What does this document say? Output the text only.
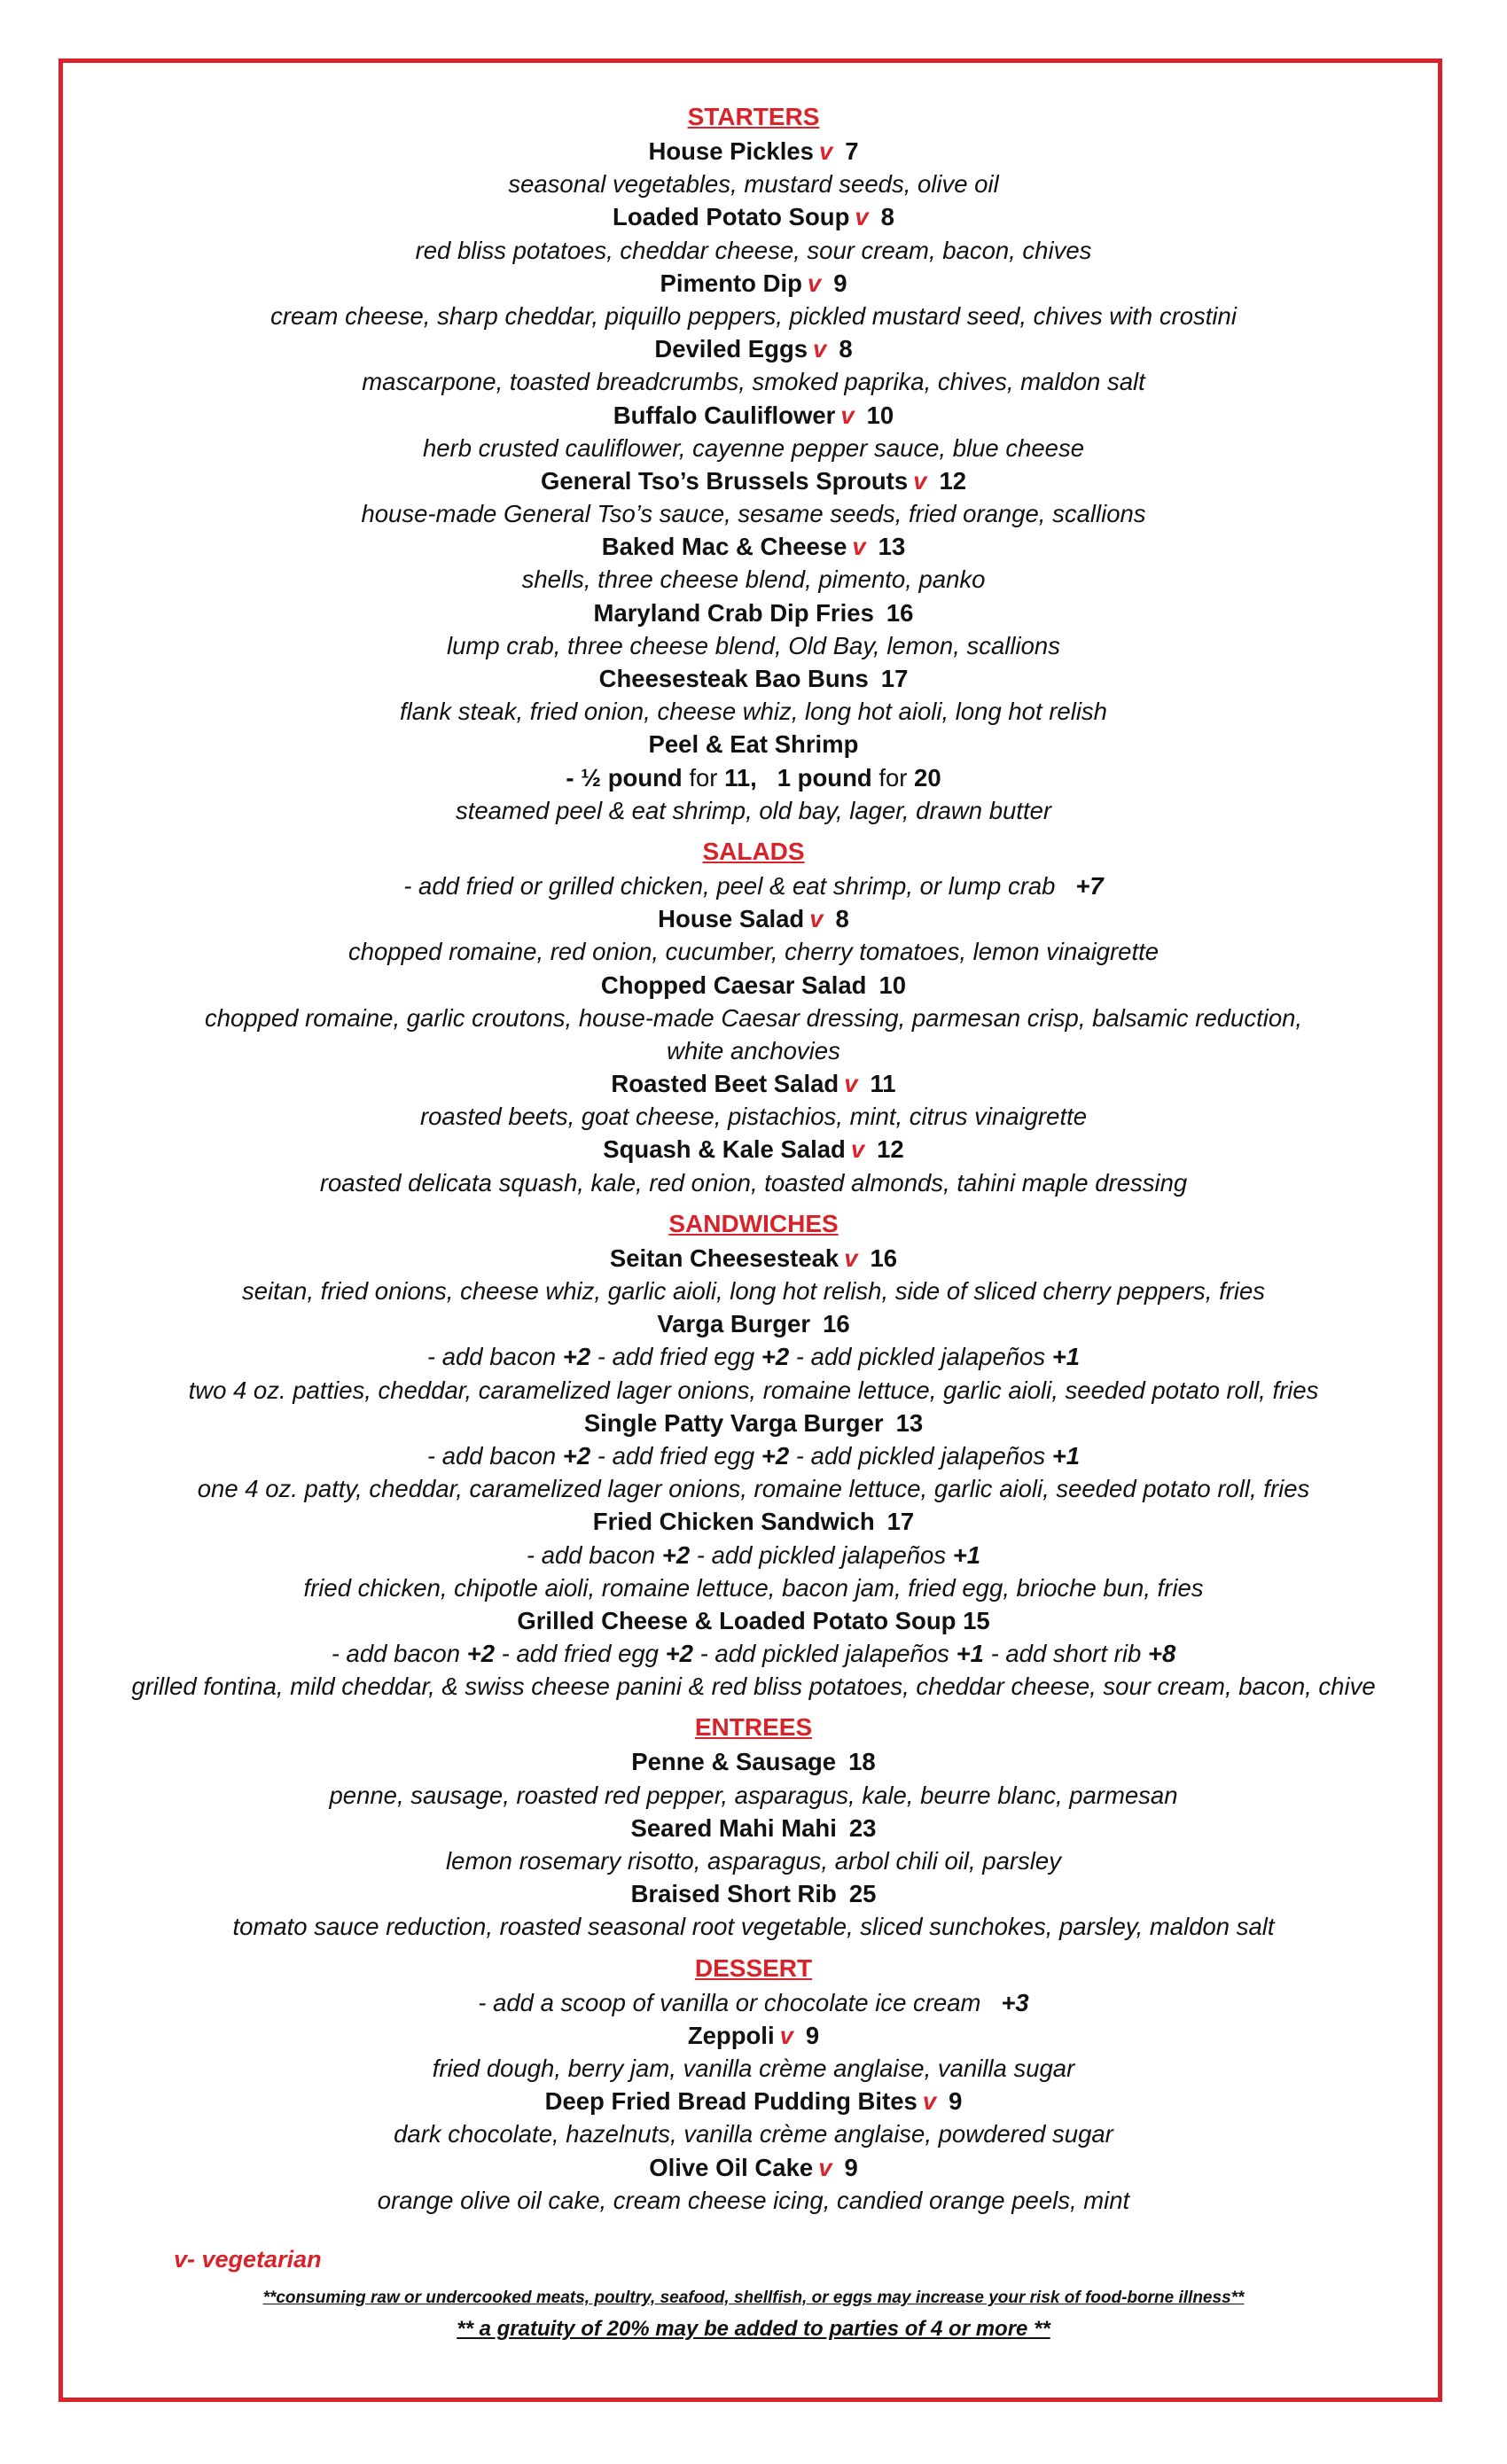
STARTERS
House Pickles v 7
seasonal vegetables, mustard seeds, olive oil
Loaded Potato Soup v 8
red bliss potatoes, cheddar cheese, sour cream, bacon, chives
Pimento Dip v 9
cream cheese, sharp cheddar, piquillo peppers, pickled mustard seed, chives with crostini
Deviled Eggs v 8
mascarpone, toasted breadcrumbs, smoked paprika, chives, maldon salt
Buffalo Cauliflower v 10
herb crusted cauliflower, cayenne pepper sauce, blue cheese
General Tso’s Brussels Sprouts v 12
house-made General Tso’s sauce, sesame seeds, fried orange, scallions
Baked Mac & Cheese v 13
shells, three cheese blend, pimento, panko
Maryland Crab Dip Fries 16
lump crab, three cheese blend, Old Bay, lemon, scallions
Cheesesteak Bao Buns 17
flank steak, fried onion, cheese whiz, long hot aioli, long hot relish
Peel & Eat Shrimp
- ½ pound for 11, 1 pound for 20
steamed peel & eat shrimp, old bay, lager, drawn butter
SALADS
- add fried or grilled chicken, peel & eat shrimp, or lump crab +7
House Salad v 8
chopped romaine, red onion, cucumber, cherry tomatoes, lemon vinaigrette
Chopped Caesar Salad 10
chopped romaine, garlic croutons, house-made Caesar dressing, parmesan crisp, balsamic reduction,
white anchovies
Roasted Beet Salad v 11
roasted beets, goat cheese, pistachios, mint, citrus vinaigrette
Squash & Kale Salad v 12
roasted delicata squash, kale, red onion, toasted almonds, tahini maple dressing
SANDWICHES
Seitan Cheesesteak v 16
seitan, fried onions, cheese whiz, garlic aioli, long hot relish, side of sliced cherry peppers, fries
Varga Burger 16
- add bacon +2 - add fried egg +2 - add pickled jalapeños +1
two 4 oz. patties, cheddar, caramelized lager onions, romaine lettuce, garlic aioli, seeded potato roll, fries
Single Patty Varga Burger 13
- add bacon +2 - add fried egg +2 - add pickled jalapeños +1
one 4 oz. patty, cheddar, caramelized lager onions, romaine lettuce, garlic aioli, seeded potato roll, fries
Fried Chicken Sandwich 17
- add bacon +2 - add pickled jalapeños +1
fried chicken, chipotle aioli, romaine lettuce, bacon jam, fried egg, brioche bun, fries
Grilled Cheese & Loaded Potato Soup 15
- add bacon +2 - add fried egg +2 - add pickled jalapeños +1 - add short rib +8
grilled fontina, mild cheddar, & swiss cheese panini & red bliss potatoes, cheddar cheese, sour cream, bacon, chive
ENTREES
Penne & Sausage 18
penne, sausage, roasted red pepper, asparagus, kale, beurre blanc, parmesan
Seared Mahi Mahi 23
lemon rosemary risotto, asparagus, arbol chili oil, parsley
Braised Short Rib 25
tomato sauce reduction, roasted seasonal root vegetable, sliced sunchokes, parsley, maldon salt
DESSERT
- add a scoop of vanilla or chocolate ice cream +3
Zeppoli v 9
fried dough, berry jam, vanilla crème anglaise, vanilla sugar
Deep Fried Bread Pudding Bites v 9
dark chocolate, hazelnuts, vanilla crème anglaise, powdered sugar
Olive Oil Cake v 9
orange olive oil cake, cream cheese icing, candied orange peels, mint
v- vegetarian
**consuming raw or undercooked meats, poultry, seafood, shellfish, or eggs may increase your risk of food-borne illness**
** a gratuity of 20% may be added to parties of 4 or more **
